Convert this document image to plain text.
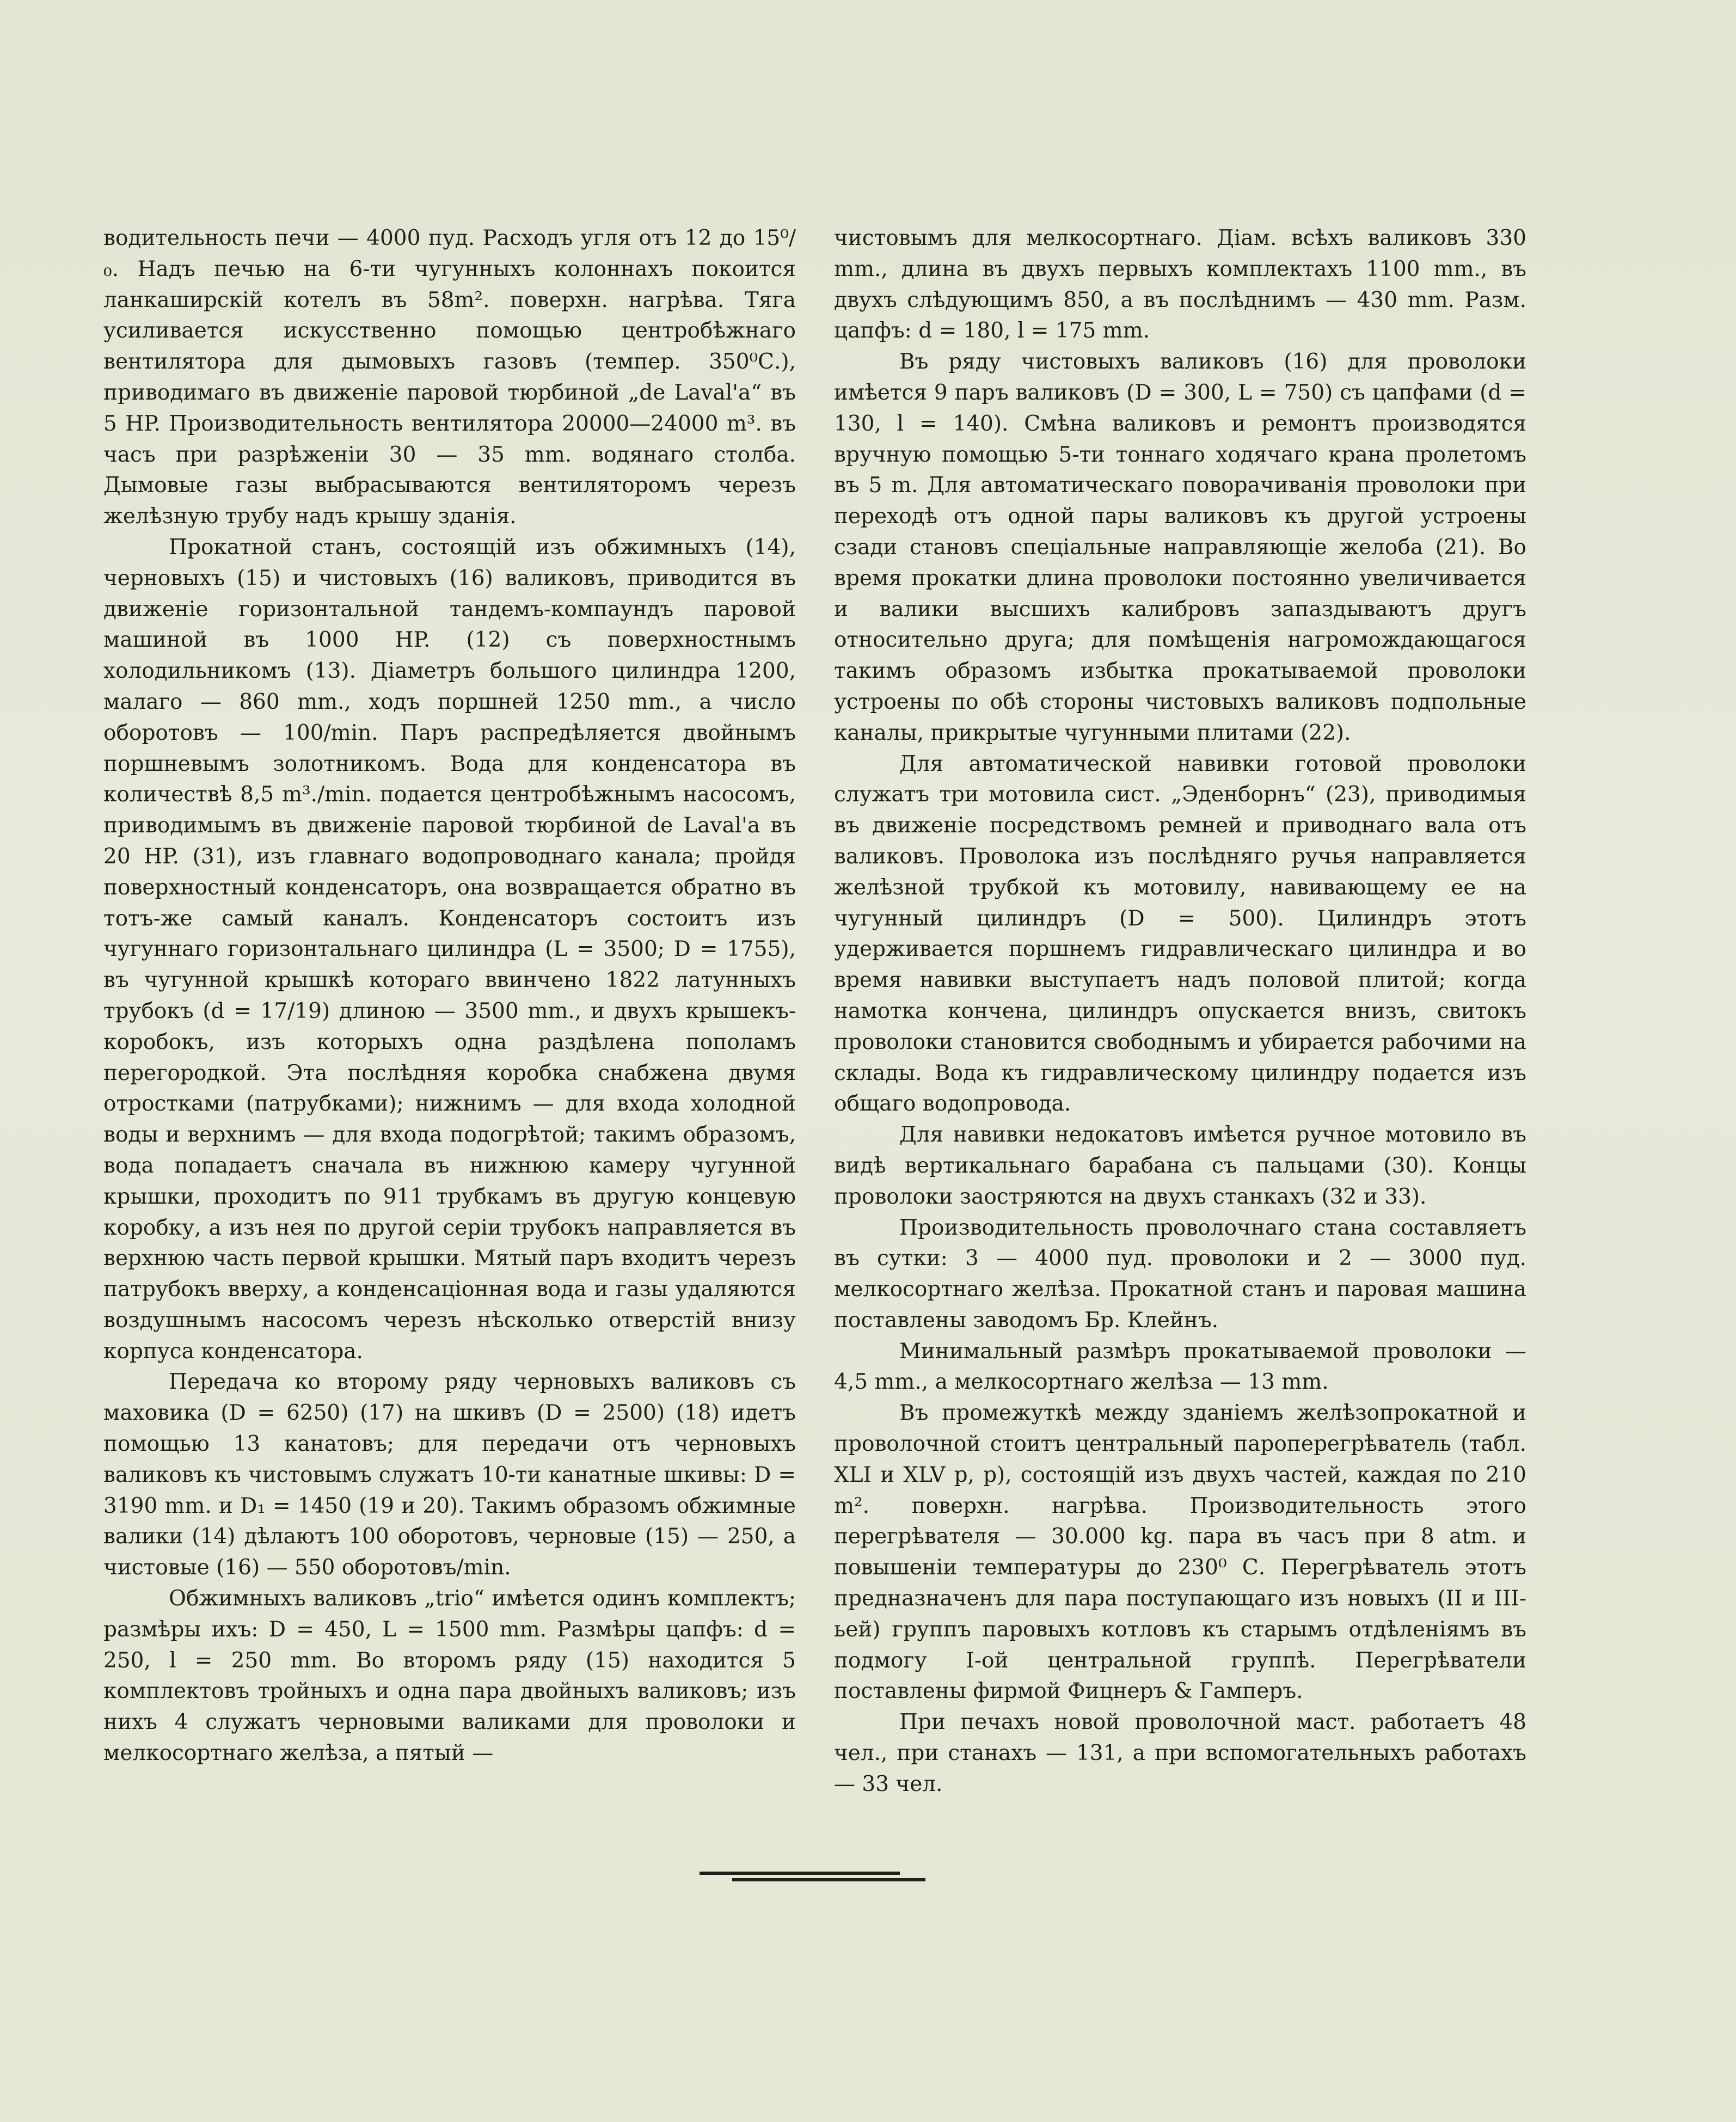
водительность печи — 4000 пуд. Расходъ угля отъ 12 до 15⁰/₀. Надъ печью на 6-ти чугунныхъ колоннахъ покоится ланкаширскій котелъ въ 58m². поверхн. нагрѣва. Тяга усиливается искусственно помощью центробѣжнаго вентилятора для дымовыхъ газовъ (темпер. 350⁰С.), приводимаго въ движеніе паровой тюрбиной „de Laval'a“ въ 5 HP. Производительность вентилятора 20000—24000 m³. въ часъ при разрѣженіи 30 — 35 mm. водянаго столба. Дымовые газы выбрасываются вентиляторомъ черезъ желѣзную трубу надъ крышу зданія.

Прокатной станъ, состоящій изъ обжимныхъ (14), черновыхъ (15) и чистовыхъ (16) валиковъ, приводится въ движеніе горизонтальной тандемъ-компаундъ паровой машиной въ 1000 HP. (12) съ поверхностнымъ холодильникомъ (13). Діаметръ большого цилиндра 1200, малаго — 860 mm., ходъ поршней 1250 mm., а число оборотовъ — 100/min. Паръ распредѣляется двойнымъ поршневымъ золотникомъ. Вода для конденсатора въ количествѣ 8,5 m³./min. подается центробѣжнымъ насосомъ, приводимымъ въ движеніе паровой тюрбиной de Laval'a въ 20 HP. (31), изъ главнаго водопроводнаго канала; пройдя поверхностный конденсаторъ, она возвращается обратно въ тотъ-же самый каналъ. Конденсаторъ состоитъ изъ чугуннаго горизонтальнаго цилиндра (L = 3500; D = 1755), въ чугунной крышкѣ котораго ввинчено 1822 латунныхъ трубокъ (d = 17/19) длиною — 3500 mm., и двухъ крышекъ-коробокъ, изъ которыхъ одна раздѣлена пополамъ перегородкой. Эта послѣдняя коробка снабжена двумя отростками (патрубками); нижнимъ — для входа холодной воды и верхнимъ — для входа подогрѣтой; такимъ образомъ, вода попадаетъ сначала въ нижнюю камеру чугунной крышки, проходитъ по 911 трубкамъ въ другую концевую коробку, а изъ нея по другой серіи трубокъ направляется въ верхнюю часть первой крышки. Мятый паръ входитъ черезъ патрубокъ вверху, а конденсаціонная вода и газы удаляются воздушнымъ насосомъ черезъ нѣсколько отверстій внизу корпуса конденсатора.

Передача ко второму ряду черновыхъ валиковъ съ маховика (D = 6250) (17) на шкивъ (D = 2500) (18) идетъ помощью 13 канатовъ; для передачи отъ черновыхъ валиковъ къ чистовымъ служатъ 10-ти канатные шкивы: D = 3190 mm. и D₁ = 1450 (19 и 20). Такимъ образомъ обжимные валики (14) дѣлаютъ 100 оборотовъ, черновые (15) — 250, а чистовые (16) — 550 оборотовъ/min.

Обжимныхъ валиковъ „trio“ имѣется одинъ комплектъ; размѣры ихъ: D = 450, L = 1500 mm. Размѣры цапфъ: d = 250, l = 250 mm. Во второмъ ряду (15) находится 5 комплектовъ тройныхъ и одна пара двойныхъ валиковъ; изъ нихъ 4 служатъ черновыми валиками для проволоки и мелкосортнаго желѣза, а пятый —

чистовымъ для мелкосортнаго. Діам. всѣхъ валиковъ 330 mm., длина въ двухъ первыхъ комплектахъ 1100 mm., въ двухъ слѣдующимъ 850, а въ послѣднимъ — 430 mm. Разм. цапфъ: d = 180, l = 175 mm.

Въ ряду чистовыхъ валиковъ (16) для проволоки имѣется 9 паръ валиковъ (D = 300, L = 750) съ цапфами (d = 130, l = 140). Смѣна валиковъ и ремонтъ производятся вручную помощью 5-ти тоннаго ходячаго крана пролетомъ въ 5 m. Для автоматическаго поворачиванія проволоки при переходѣ отъ одной пары валиковъ къ другой устроены сзади становъ спеціальные направляющіе желоба (21). Во время прокатки длина проволоки постоянно увеличивается и валики высшихъ калибровъ запаздываютъ другъ относительно друга; для помѣщенія нагромождающагося такимъ образомъ избытка прокатываемой проволоки устроены по обѣ стороны чистовыхъ валиковъ подпольные каналы, прикрытые чугунными плитами (22).

Для автоматической навивки готовой проволоки служатъ три мотовила сист. „Эденборнъ“ (23), приводимыя въ движеніе посредствомъ ремней и приводнаго вала отъ валиковъ. Проволока изъ послѣдняго ручья направляется желѣзной трубкой къ мотовилу, навивающему ее на чугунный цилиндръ (D = 500). Цилиндръ этотъ удерживается поршнемъ гидравлическаго цилиндра и во время навивки выступаетъ надъ половой плитой; когда намотка кончена, цилиндръ опускается внизъ, свитокъ проволоки становится свободнымъ и убирается рабочими на склады. Вода къ гидравлическому цилиндру подается изъ общаго водопровода.

Для навивки недокатовъ имѣется ручное мотовило въ видѣ вертикальнаго барабана съ пальцами (30). Концы проволоки заостряются на двухъ станкахъ (32 и 33).

Производительность проволочнаго стана составляетъ въ сутки: 3 — 4000 пуд. проволоки и 2 — 3000 пуд. мелкосортнаго желѣза. Прокатной станъ и паровая машина поставлены заводомъ Бр. Клейнъ.

Минимальный размѣръ прокатываемой проволоки — 4,5 mm., а мелкосортнаго желѣза — 13 mm.

Въ промежуткѣ между зданіемъ желѣзопрокатной и проволочной стоитъ центральный пароперегрѣватель (табл. XLI и XLV p, p), состоящій изъ двухъ частей, каждая по 210 m². поверхн. нагрѣва. Производительность этого перегрѣвателя — 30.000 kg. пара въ часъ при 8 atm. и повышеніи температуры до 230⁰ С. Перегрѣватель этотъ предназначенъ для пара поступающаго изъ новыхъ (II и III-ьей) группъ паровыхъ котловъ къ старымъ отдѣленіямъ въ подмогу I-ой центральной группѣ. Перегрѣватели поставлены фирмой Фицнеръ & Гамперъ.

При печахъ новой проволочной маст. работаетъ 48 чел., при станахъ — 131, а при вспомогательныхъ работахъ — 33 чел.
